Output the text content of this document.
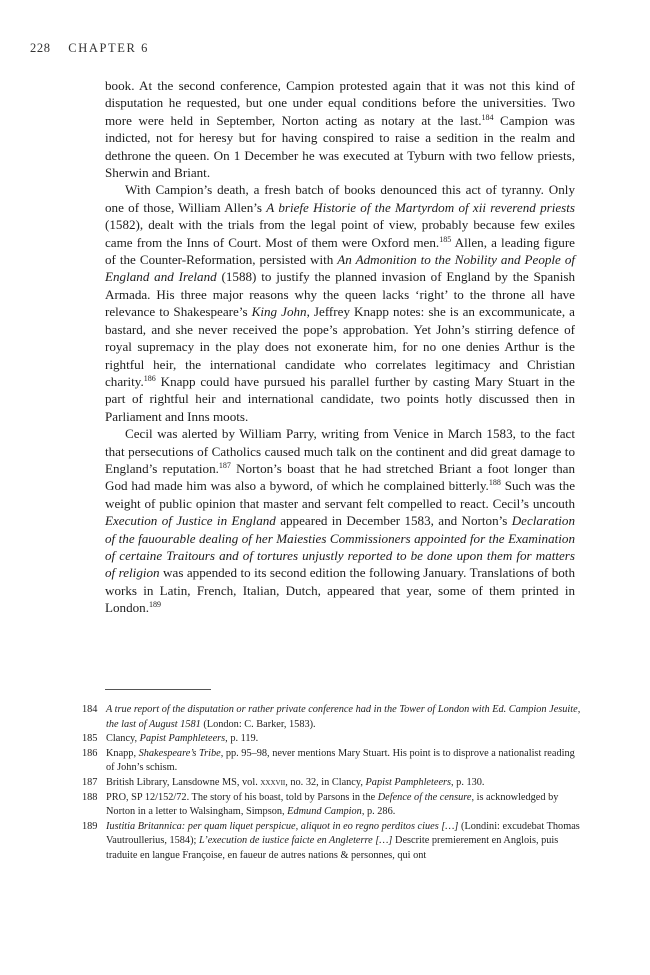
228 CHAPTER 6

book. At the second conference, Campion protested again that it was not this kind of disputation he requested, but one under equal conditions before the universities. Two more were held in September, Norton acting as notary at the last.$^{184}$ Campion was indicted, not for heresy but for having conspired to raise a sedition in the realm and dethrone the queen. On 1 December he was executed at Tyburn with two fellow priests, Sherwin and Briant.

With Campion’s death, a fresh batch of books denounced this act of tyranny. Only one of those, William Allen’s A briefe Historie of the Martyrdom of xii reverend priests (1582), dealt with the trials from the legal point of view, probably because few exiles came from the Inns of Court. Most of them were Oxford men.$^{185}$ Allen, a leading figure of the Counter-Reformation, persisted with An Admonition to the Nobility and People of England and Ireland (1588) to justify the planned invasion of England by the Spanish Armada. His three major reasons why the queen lacks ‘right’ to the throne all have relevance to Shakespeare’s King John, Jeffrey Knapp notes: she is an excommunicate, a bastard, and she never received the pope’s approbation. Yet John’s stirring defence of royal supremacy in the play does not exonerate him, for no one denies Arthur is the rightful heir, the international candidate who correlates legitimacy and Christian charity.$^{186}$ Knapp could have pursued his parallel further by casting Mary Stuart in the part of rightful heir and international candidate, two points hotly discussed then in Parliament and Inns moots.

Cecil was alerted by William Parry, writing from Venice in March 1583, to the fact that persecutions of Catholics caused much talk on the continent and did great damage to England’s reputation.$^{187}$ Norton’s boast that he had stretched Briant a foot longer than God had made him was also a byword, of which he complained bitterly.$^{188}$ Such was the weight of public opinion that master and servant felt compelled to react. Cecil’s uncouth Execution of Justice in England appeared in December 1583, and Norton’s Declaration of the fauourable dealing of her Maiesties Commissioners appointed for the Examination of certaine Traitours and of tortures unjustly reported to be done upon them for matters of religion was appended to its second edition the following January. Translations of both works in Latin, French, Italian, Dutch, appeared that year, some of them printed in London.$^{189}$

184 A true report of the disputation or rather private conference had in the Tower of London with Ed. Campion Jesuite, the last of August 1581 (London: C. Barker, 1583).
185 Clancy, Papist Pamphleteers, p. 119.
186 Knapp, Shakespeare’s Tribe, pp. 95–98, never mentions Mary Stuart. His point is to disprove a nationalist reading of John’s schism.
187 British Library, Lansdowne MS, vol. xxxvii, no. 32, in Clancy, Papist Pamphleteers, p. 130.
188 PRO, SP 12/152/72. The story of his boast, told by Parsons in the Defence of the censure, is acknowledged by Norton in a letter to Walsingham, Simpson, Edmund Campion, p. 286.
189 Iustitia Britannica: per quam liquet perspicue, aliquot in eo regno perditos ciues […] (Londini: excudebat Thomas Vautroullerius, 1584); L’execution de iustice faicte en Angleterre […] Descrite premierement en Anglois, puis traduite en langue Françoise, en faueur de autres nations & personnes, qui ont
